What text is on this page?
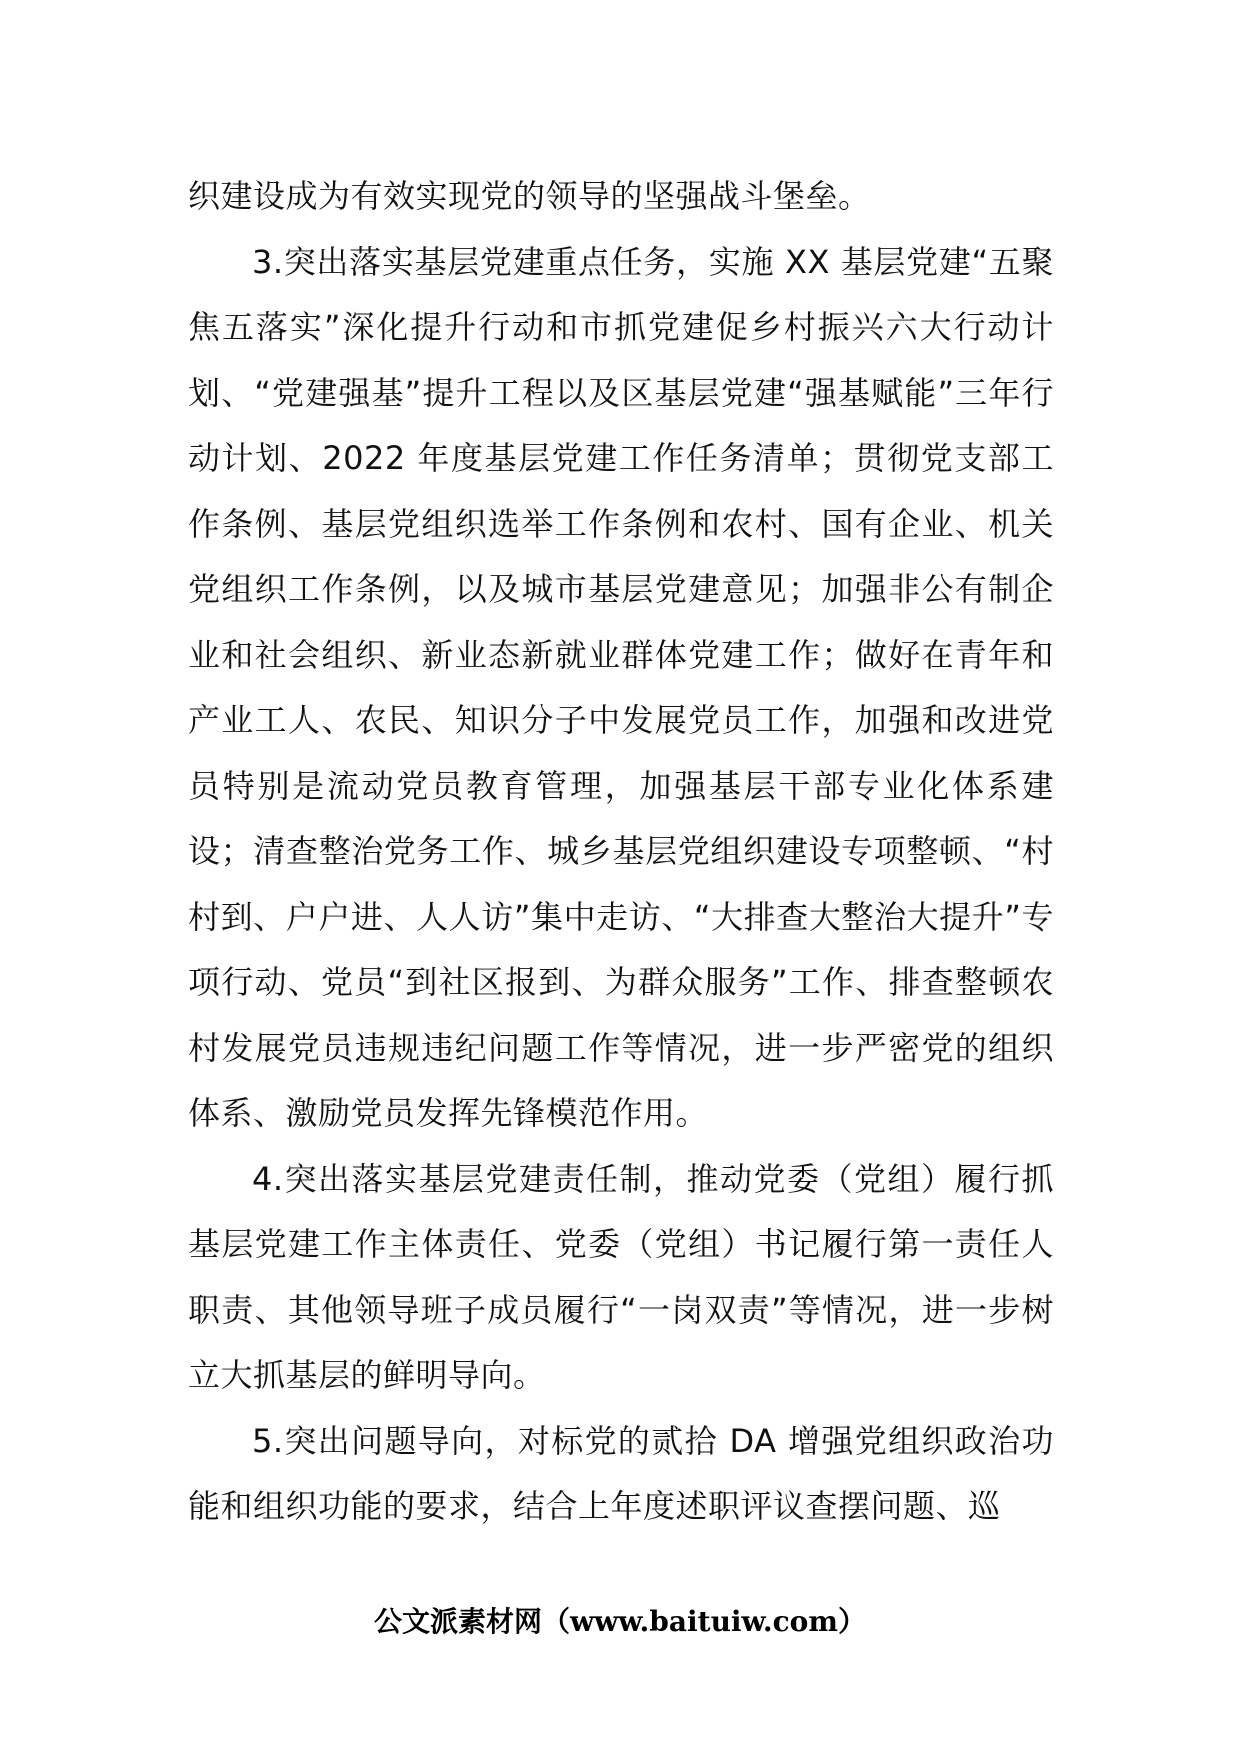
织建设成为有效实现党的领导的坚强战斗堡垒。

3.突出落实基层党建重点任务，实施 XX 基层党建“五聚焦五落实”深化提升行动和市抓党建促乡村振兴六大行动计划、“党建强基”提升工程以及区基层党建“强基赋能”三年行动计划、2022 年度基层党建工作任务清单；贯彻党支部工作条例、基层党组织选举工作条例和农村、国有企业、机关党组织工作条例，以及城市基层党建意见；加强非公有制企业和社会组织、新业态新就业群体党建工作；做好在青年和产业工人、农民、知识分子中发展党员工作，加强和改进党员特别是流动党员教育管理，加强基层干部专业化体系建设；清查整治党务工作、城乡基层党组织建设专项整顿、“村村到、户户进、人人访”集中走访、“大排查大整治大提升”专项行动、党员“到社区报到、为群众服务”工作、排查整顿农村发展党员违规违纪问题工作等情况，进一步严密党的组织体系、激励党员发挥先锋模范作用。

4.突出落实基层党建责任制，推动党委（党组）履行抓基层党建工作主体责任、党委（党组）书记履行第一责任人职责、其他领导班子成员履行“一岗双责”等情况，进一步树立大抓基层的鲜明导向。

5.突出问题导向，对标党的贰拾 DA 增强党组织政治功能和组织功能的要求，结合上年度述职评议查摆问题、巡

公文派素材网（www.baituiw.com）
